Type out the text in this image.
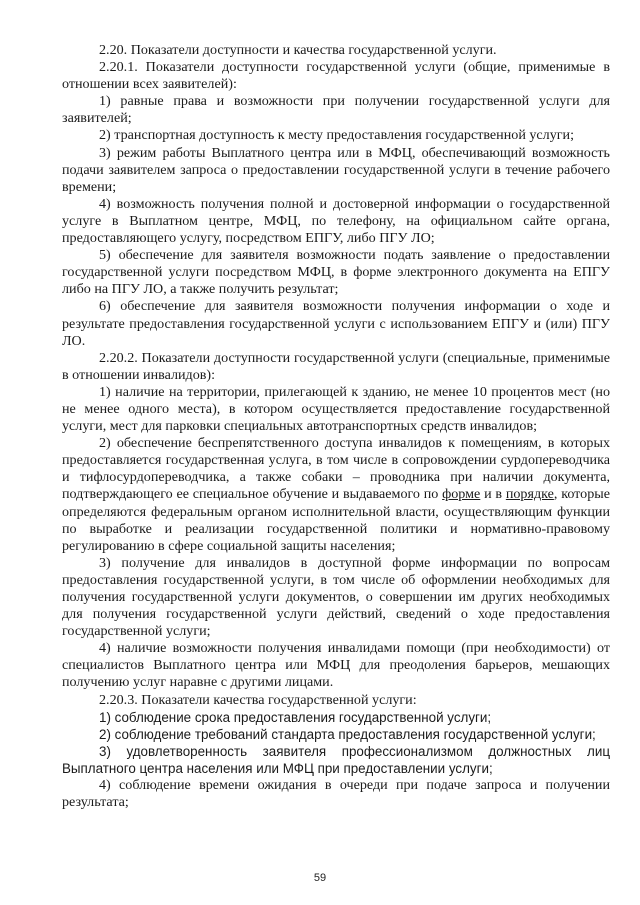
2.20. Показатели доступности и качества государственной услуги.

2.20.1. Показатели доступности государственной услуги (общие, применимые в отношении всех заявителей):

1) равные права и возможности при получении государственной услуги для заявителей;

2) транспортная доступность к месту предоставления государственной услуги;

3) режим работы Выплатного центра или в МФЦ, обеспечивающий возможность подачи заявителем запроса о предоставлении государственной услуги в течение рабочего времени;

4) возможность получения полной и достоверной информации о государственной услуге в Выплатном центре, МФЦ, по телефону, на официальном сайте органа, предоставляющего услугу, посредством ЕПГУ, либо ПГУ ЛО;

5) обеспечение для заявителя возможности подать заявление о предоставлении государственной услуги посредством МФЦ, в форме электронного документа на ЕПГУ либо на ПГУ ЛО, а также получить результат;

6) обеспечение для заявителя возможности получения информации о ходе и результате предоставления государственной услуги с использованием ЕПГУ и (или) ПГУ ЛО.

2.20.2. Показатели доступности государственной услуги (специальные, применимые в отношении инвалидов):

1) наличие на территории, прилегающей к зданию, не менее 10 процентов мест (но не менее одного места), в котором осуществляется предоставление государственной услуги, мест для парковки специальных автотранспортных средств инвалидов;

2) обеспечение беспрепятственного доступа инвалидов к помещениям, в которых предоставляется государственная услуга, в том числе в сопровождении сурдопереводчика и тифлосурдопереводчика, а также собаки – проводника при наличии документа, подтверждающего ее специальное обучение и выдаваемого по форме и в порядке, которые определяются федеральным органом исполнительной власти, осуществляющим функции по выработке и реализации государственной политики и нормативно-правовому регулированию в сфере социальной защиты населения;

3) получение для инвалидов в доступной форме информации по вопросам предоставления государственной услуги, в том числе об оформлении необходимых для получения государственной услуги документов, о совершении им других необходимых для получения государственной услуги действий, сведений о ходе предоставления государственной услуги;

4) наличие возможности получения инвалидами помощи (при необходимости) от специалистов Выплатного центра или МФЦ для преодоления барьеров, мешающих получению услуг наравне с другими лицами.

2.20.3. Показатели качества государственной услуги:

1) соблюдение срока предоставления государственной услуги;

2) соблюдение требований стандарта предоставления государственной услуги;

3) удовлетворенность заявителя профессионализмом должностных лиц Выплатного центра населения или МФЦ при предоставлении услуги;

4) соблюдение времени ожидания в очереди при подаче запроса и получении результата;

59
